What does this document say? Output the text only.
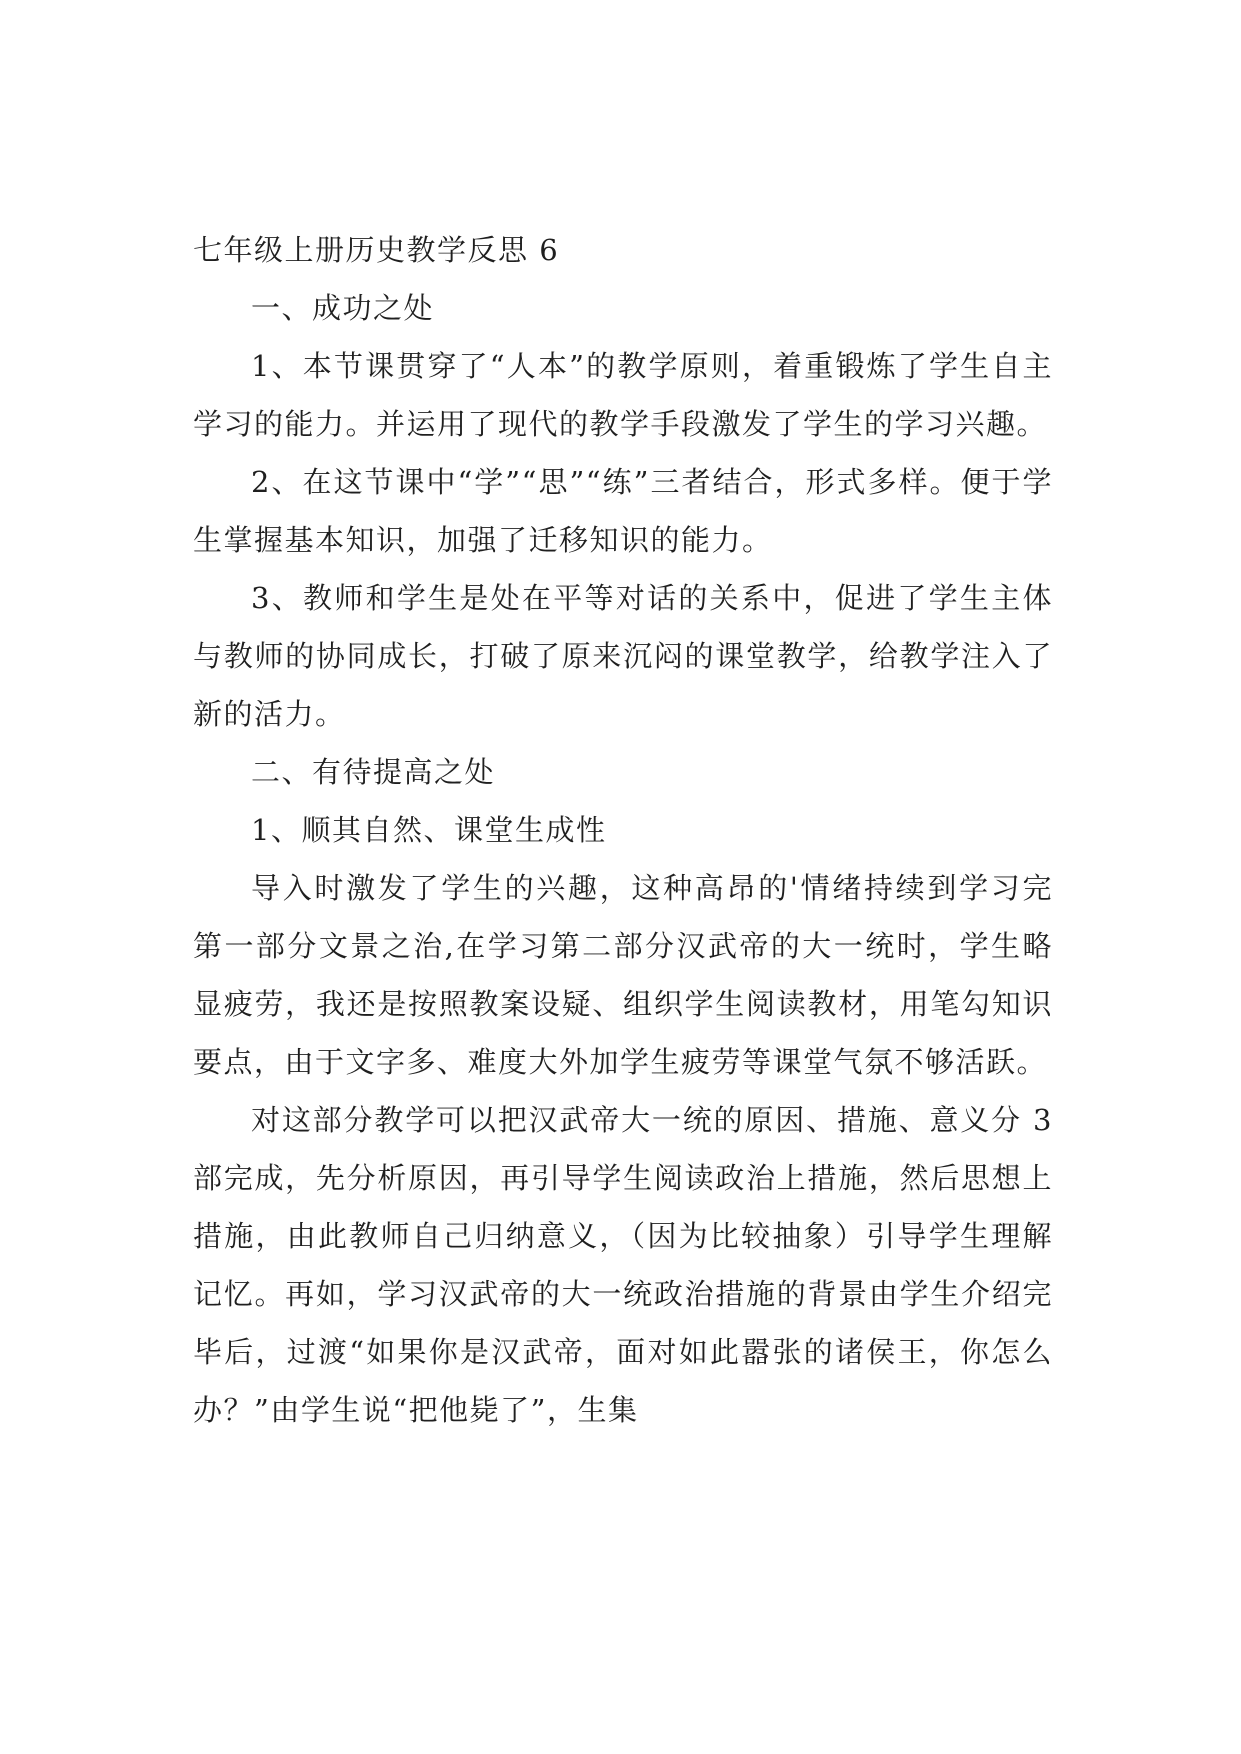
七年级上册历史教学反思 6

一、成功之处

1、本节课贯穿了“人本”的教学原则，着重锻炼了学生自主学习的能力。并运用了现代的教学手段激发了学生的学习兴趣。

2、在这节课中“学”“思”“练”三者结合，形式多样。便于学生掌握基本知识，加强了迁移知识的能力。

3、教师和学生是处在平等对话的关系中，促进了学生主体与教师的协同成长，打破了原来沉闷的课堂教学，给教学注入了新的活力。

二、有待提高之处

1、顺其自然、课堂生成性

导入时激发了学生的兴趣，这种高昂的'情绪持续到学习完第一部分文景之治,在学习第二部分汉武帝的大一统时，学生略显疲劳，我还是按照教案设疑、组织学生阅读教材，用笔勾知识要点，由于文字多、难度大外加学生疲劳等课堂气氛不够活跃。

对这部分教学可以把汉武帝大一统的原因、措施、意义分 3 部完成，先分析原因，再引导学生阅读政治上措施，然后思想上措施，由此教师自己归纳意义，（因为比较抽象）引导学生理解记忆。再如，学习汉武帝的大一统政治措施的背景由学生介绍完毕后，过渡“如果你是汉武帝，面对如此嚣张的诸侯王，你怎么办？”由学生说“把他毙了”，生集
